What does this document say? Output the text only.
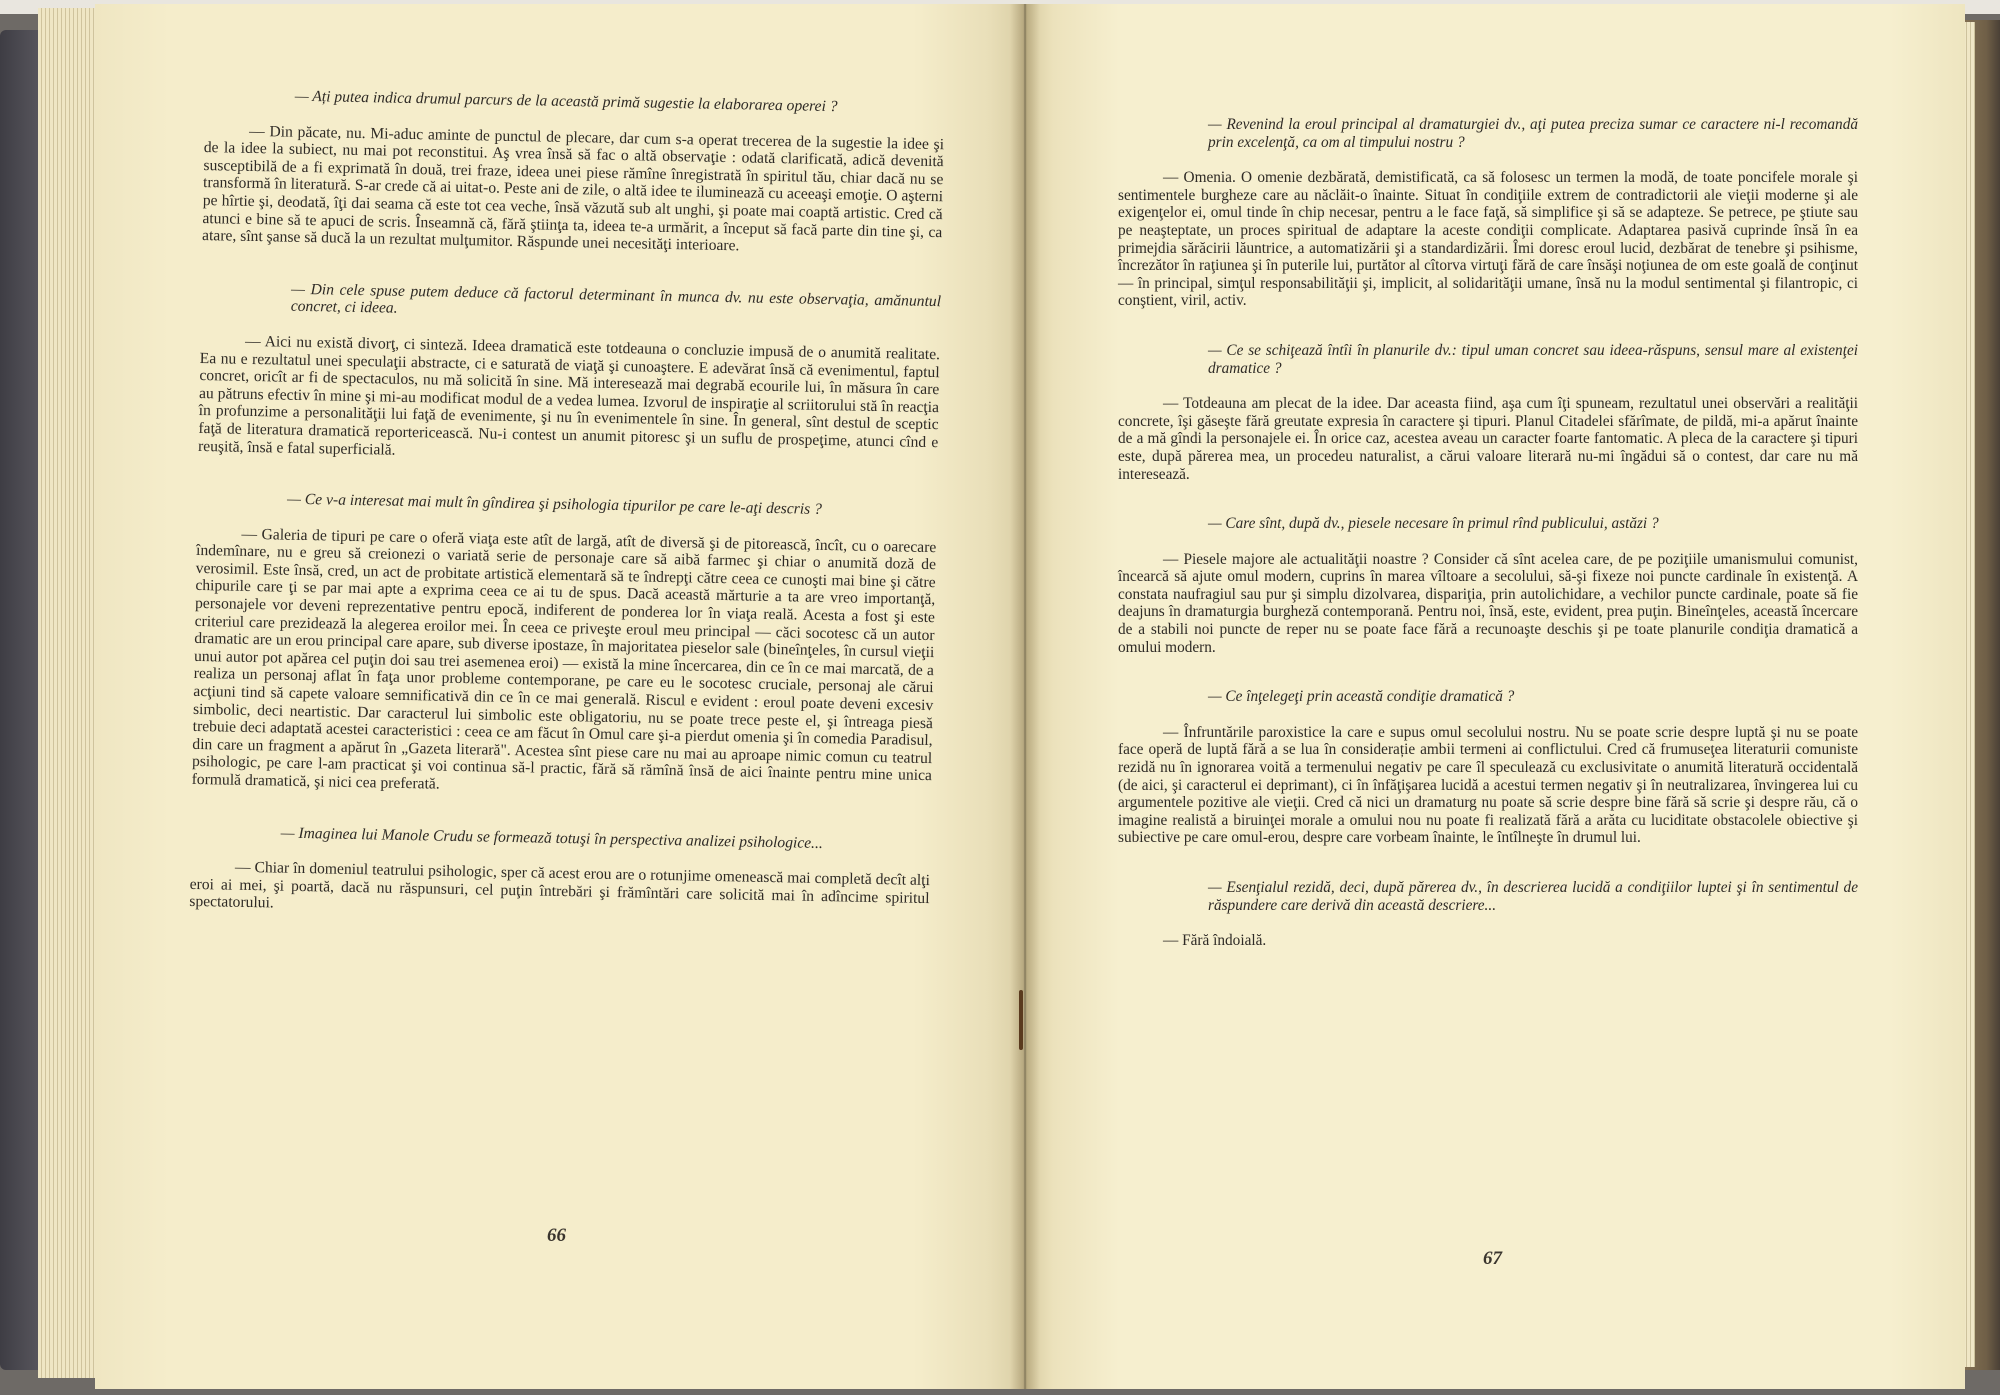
— Ați putea indica drumul parcurs de la această primă sugestie la elaborarea operei ?

— Din păcate, nu. Mi-aduc aminte de punctul de plecare, dar cum s-a operat trecerea de la sugestie la idee şi de la idee la subiect, nu mai pot reconstitui. Aş vrea însă să fac o altă observaţie : odată clarificată, adică devenită susceptibilă de a fi exprimată în două, trei fraze, ideea unei piese rămîne înregistrată în spiritul tău, chiar dacă nu se transformă în literatură. S-ar crede că ai uitat-o. Peste ani de zile, o altă idee te iluminează cu aceeaşi emoţie. O aşterni pe hîrtie şi, deodată, îţi dai seama că este tot cea veche, însă văzută sub alt unghi, şi poate mai coaptă artistic. Cred că atunci e bine să te apuci de scris. Înseamnă că, fără ştiinţa ta, ideea te-a urmărit, a început să facă parte din tine şi, ca atare, sînt şanse să ducă la un rezultat mulţumitor. Răspunde unei necesităţi interioare.

— Din cele spuse putem deduce că factorul determinant în munca dv. nu este observaţia, amănuntul concret, ci ideea.

— Aici nu există divorţ, ci sinteză. Ideea dramatică este totdeauna o concluzie impusă de o anumită realitate. Ea nu e rezultatul unei speculaţii abstracte, ci e saturată de viaţă şi cunoaştere. E adevărat însă că evenimentul, faptul concret, oricît ar fi de spectaculos, nu mă solicită în sine. Mă interesează mai degrabă ecourile lui, în măsura în care au pătruns efectiv în mine şi mi-au modificat modul de a vedea lumea. Izvorul de inspiraţie al scriitorului stă în reacţia în profunzime a personalităţii lui faţă de evenimente, şi nu în evenimentele în sine. În general, sînt destul de sceptic faţă de literatura dramatică reportericească. Nu-i contest un anumit pitoresc şi un suflu de prospeţime, atunci cînd e reuşită, însă e fatal superficială.

— Ce v-a interesat mai mult în gîndirea şi psihologia tipurilor pe care le-aţi descris ?

— Galeria de tipuri pe care o oferă viaţa este atît de largă, atît de diversă şi de pitorească, încît, cu o oarecare îndemînare, nu e greu să creionezi o variată serie de personaje care să aibă farmec şi chiar o anumită doză de verosimil. Este însă, cred, un act de probitate artistică elementară să te îndrepţi către ceea ce cunoşti mai bine şi către chipurile care ţi se par mai apte a exprima ceea ce ai tu de spus. Dacă această mărturie a ta are vreo importanţă, personajele vor deveni reprezentative pentru epocă, indiferent de ponderea lor în viaţa reală. Acesta a fost şi este criteriul care prezidează la alegerea eroilor mei. În ceea ce priveşte eroul meu principal — căci socotesc că un autor dramatic are un erou principal care apare, sub diverse ipostaze, în majoritatea pieselor sale (bineînţeles, în cursul vieţii unui autor pot apărea cel puţin doi sau trei asemenea eroi) — există la mine încercarea, din ce în ce mai marcată, de a realiza un personaj aflat în faţa unor probleme contemporane, pe care eu le socotesc cruciale, personaj ale cărui acţiuni tind să capete valoare semnificativă din ce în ce mai generală. Riscul e evident : eroul poate deveni excesiv simbolic, deci neartistic. Dar caracterul lui simbolic este obligatoriu, nu se poate trece peste el, şi întreaga piesă trebuie deci adaptată acestei caracteristici : ceea ce am făcut în Omul care şi-a pierdut omenia şi în comedia Paradisul, din care un fragment a apărut în „Gazeta literară". Acestea sînt piese care nu mai au aproape nimic comun cu teatrul psihologic, pe care l-am practicat şi voi continua să-l practic, fără să rămînă însă de aici înainte pentru mine unica formulă dramatică, şi nici cea preferată.

— Imaginea lui Manole Crudu se formează totuşi în perspectiva analizei psihologice...

— Chiar în domeniul teatrului psihologic, sper că acest erou are o rotunjime omenească mai completă decît alţi eroi ai mei, şi poartă, dacă nu răspunsuri, cel puţin întrebări şi frămîntări care solicită mai în adîncime spiritul spectatorului.

66

— Revenind la eroul principal al dramaturgiei dv., aţi putea preciza sumar ce caractere ni-l recomandă prin excelenţă, ca om al timpului nostru ?

— Omenia. O omenie dezbărată, demistificată, ca să folosesc un termen la modă, de toate poncifele morale şi sentimentele burgheze care au năclăit-o înainte. Situat în condiţiile extrem de contradictorii ale vieţii moderne şi ale exigenţelor ei, omul tinde în chip necesar, pentru a le face faţă, să simplifice şi să se adapteze. Se petrece, pe ştiute sau pe neaşteptate, un proces spiritual de adaptare la aceste condiţii complicate. Adaptarea pasivă cuprinde însă în ea primejdia sărăcirii lăuntrice, a automatizării şi a standardizării. Îmi doresc eroul lucid, dezbărat de tenebre şi psihisme, încrezător în raţiunea şi în puterile lui, purtător al cîtorva virtuţi fără de care însăşi noţiunea de om este goală de conţinut — în principal, simţul responsabilităţii şi, implicit, al solidarităţii umane, însă nu la modul sentimental şi filantropic, ci conştient, viril, activ.

— Ce se schiţează întîi în planurile dv.: tipul uman concret sau ideea-răspuns, sensul mare al existenţei dramatice ?

— Totdeauna am plecat de la idee. Dar aceasta fiind, aşa cum îţi spuneam, rezultatul unei observări a realităţii concrete, îşi găseşte fără greutate expresia în caractere şi tipuri. Planul Citadelei sfărîmate, de pildă, mi-a apărut înainte de a mă gîndi la personajele ei. În orice caz, acestea aveau un caracter foarte fantomatic. A pleca de la caractere şi tipuri este, după părerea mea, un procedeu naturalist, a cărui valoare literară nu-mi îngădui să o contest, dar care nu mă interesează.

— Care sînt, după dv., piesele necesare în primul rînd publicului, astăzi ?

— Piesele majore ale actualităţii noastre ? Consider că sînt acelea care, de pe poziţiile umanismului comunist, încearcă să ajute omul modern, cuprins în marea vîltoare a secolului, să-şi fixeze noi puncte cardinale în existenţă. A constata naufragiul sau pur şi simplu dizolvarea, dispariţia, prin autolichidare, a vechilor puncte cardinale, poate să fie deajuns în dramaturgia burgheză contemporană. Pentru noi, însă, este, evident, prea puţin. Bineînţeles, această încercare de a stabili noi puncte de reper nu se poate face fără a recunoaşte deschis şi pe toate planurile condiţia dramatică a omului modern.

— Ce înţelegeţi prin această condiţie dramatică ?

— Înfruntările paroxistice la care e supus omul secolului nostru. Nu se poate scrie despre luptă şi nu se poate face operă de luptă fără a se lua în considerație ambii termeni ai conflictului. Cred că frumuseţea literaturii comuniste rezidă nu în ignorarea voită a termenului negativ pe care îl speculează cu exclusivitate o anumită literatură occidentală (de aici, şi caracterul ei deprimant), ci în înfăţişarea lucidă a acestui termen negativ şi în neutralizarea, învingerea lui cu argumentele pozitive ale vieţii. Cred că nici un dramaturg nu poate să scrie despre bine fără să scrie şi despre rău, că o imagine realistă a biruinţei morale a omului nou nu poate fi realizată fără a arăta cu luciditate obstacolele obiective şi subiective pe care omul-erou, despre care vorbeam înainte, le întîlneşte în drumul lui.

— Esenţialul rezidă, deci, după părerea dv., în descrierea lucidă a condiţiilor luptei şi în sentimentul de răspundere care derivă din această descriere...

— Fără îndoială.

67
